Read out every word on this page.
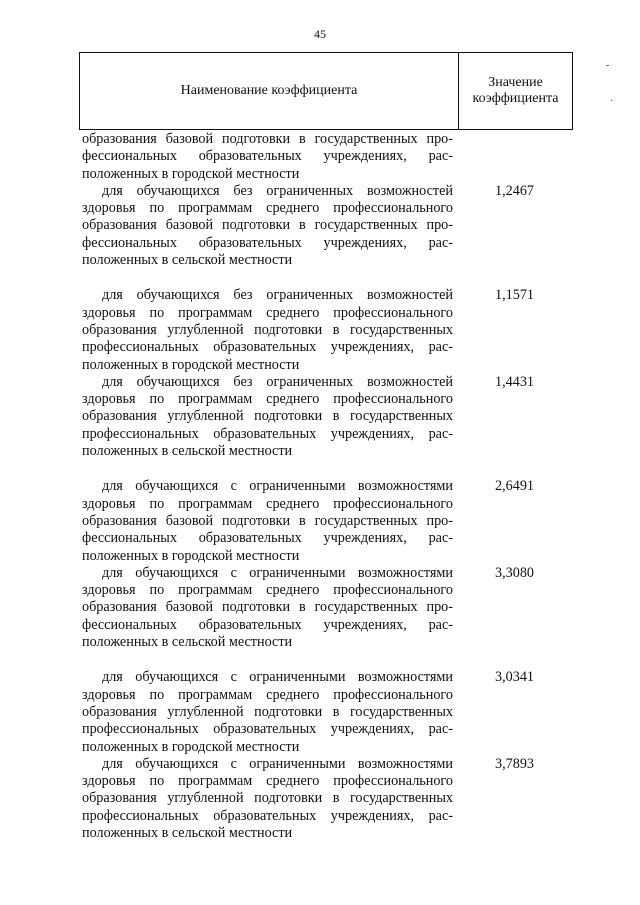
45
Наименование коэффициента
Значение коэффициента
-
·
образования базовой подготовки в государственных про-
фессиональных образовательных учреждениях, рас-
положенных в городской местности
для обучающихся без ограниченных возможностей
здоровья по программам среднего профессионального
образования базовой подготовки в государственных про-
фессиональных образовательных учреждениях, рас-
положенных в сельской местности
1,2467
для обучающихся без ограниченных возможностей
здоровья по программам среднего профессионального
образования углубленной подготовки в государственных
профессиональных образовательных учреждениях, рас-
положенных в городской местности
1,1571
для обучающихся без ограниченных возможностей
здоровья по программам среднего профессионального
образования углубленной подготовки в государственных
профессиональных образовательных учреждениях, рас-
положенных в сельской местности
1,4431
для обучающихся с ограниченными возможностями
здоровья по программам среднего профессионального
образования базовой подготовки в государственных про-
фессиональных образовательных учреждениях, рас-
положенных в городской местности
2,6491
для обучающихся с ограниченными возможностями
здоровья по программам среднего профессионального
образования базовой подготовки в государственных про-
фессиональных образовательных учреждениях, рас-
положенных в сельской местности
3,3080
для обучающихся с ограниченными возможностями
здоровья по программам среднего профессионального
образования углубленной подготовки в государственных
профессиональных образовательных учреждениях, рас-
положенных в городской местности
3,0341
для обучающихся с ограниченными возможностями
здоровья по программам среднего профессионального
образования углубленной подготовки в государственных
профессиональных образовательных учреждениях, рас-
положенных в сельской местности
3,7893
